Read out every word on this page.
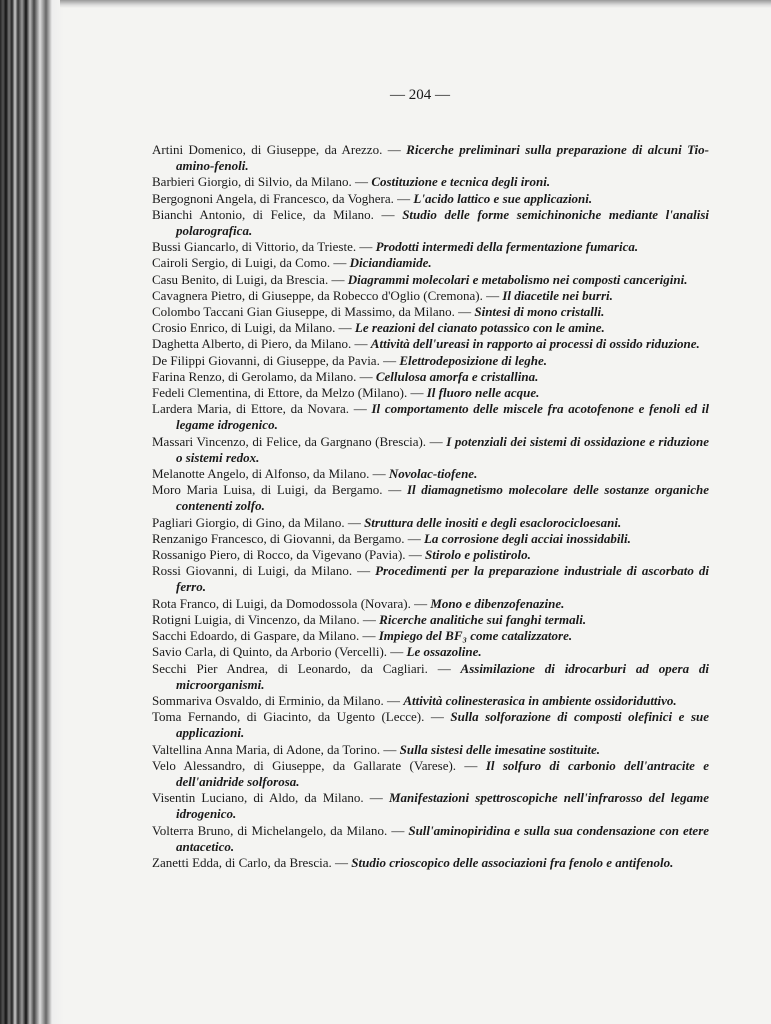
— 204 —

Artini Domenico, di Giuseppe, da Arezzo. — Ricerche preliminari sulla preparazione di alcuni Tio-amino-fenoli.

Barbieri Giorgio, di Silvio, da Milano. — Costituzione e tecnica degli ironi.

Bergognoni Angela, di Francesco, da Voghera. — L'acido lattico e sue applicazioni.

Bianchi Antonio, di Felice, da Milano. — Studio delle forme semichinoniche mediante l'analisi polarografica.

Bussi Giancarlo, di Vittorio, da Trieste. — Prodotti intermedi della fermentazione fumarica.

Cairoli Sergio, di Luigi, da Como. — Diciandiamide.

Casu Benito, di Luigi, da Brescia. — Diagrammi molecolari e metabolismo nei composti cancerigini.

Cavagnera Pietro, di Giuseppe, da Robecco d'Oglio (Cremona). — Il diacetile nei burri.

Colombo Taccani Gian Giuseppe, di Massimo, da Milano. — Sintesi di mono cristalli.

Crosio Enrico, di Luigi, da Milano. — Le reazioni del cianato potassico con le amine.

Daghetta Alberto, di Piero, da Milano. — Attività dell'ureasi in rapporto ai processi di ossido riduzione.

De Filippi Giovanni, di Giuseppe, da Pavia. — Elettrodeposizione di leghe.

Farina Renzo, di Gerolamo, da Milano. — Cellulosa amorfa e cristallina.

Fedeli Clementina, di Ettore, da Melzo (Milano). — Il fluoro nelle acque.

Lardera Maria, di Ettore, da Novara. — Il comportamento delle miscele fra acotofenone e fenoli ed il legame idrogenico.

Massari Vincenzo, di Felice, da Gargnano (Brescia). — I potenziali dei sistemi di ossidazione e riduzione o sistemi redox.

Melanotte Angelo, di Alfonso, da Milano. — Novolac-tiofene.

Moro Maria Luisa, di Luigi, da Bergamo. — Il diamagnetismo molecolare delle sostanze organiche contenenti zolfo.

Pagliari Giorgio, di Gino, da Milano. — Struttura delle inositi e degli esaclorocicloesani.

Renzanigo Francesco, di Giovanni, da Bergamo. — La corrosione degli acciai inossidabili.

Rossanigo Piero, di Rocco, da Vigevano (Pavia). — Stirolo e polistirolo.

Rossi Giovanni, di Luigi, da Milano. — Procedimenti per la preparazione industriale di ascorbato di ferro.

Rota Franco, di Luigi, da Domodossola (Novara). — Mono e dibenzofenazine.

Rotigni Luigia, di Vincenzo, da Milano. — Ricerche analitiche sui fanghi termali.

Sacchi Edoardo, di Gaspare, da Milano. — Impiego del BF₃ come catalizzatore.

Savio Carla, di Quinto, da Arborio (Vercelli). — Le ossazoline.

Secchi Pier Andrea, di Leonardo, da Cagliari. — Assimilazione di idrocarburi ad opera di microorganismi.

Sommariva Osvaldo, di Erminio, da Milano. — Attività colinesterasica in ambiente ossidoriduttivo.

Toma Fernando, di Giacinto, da Ugento (Lecce). — Sulla solforazione di composti olefinici e sue applicazioni.

Valtellina Anna Maria, di Adone, da Torino. — Sulla sistesi delle imesatine sostituite.

Velo Alessandro, di Giuseppe, da Gallarate (Varese). — Il solfuro di carbonio dell'antracite e dell'anidride solforosa.

Visentin Luciano, di Aldo, da Milano. — Manifestazioni spettroscopiche nell'infrarosso del legame idrogenico.

Volterra Bruno, di Michelangelo, da Milano. — Sull'aminopiridina e sulla sua condensazione con etere antacetico.

Zanetti Edda, di Carlo, da Brescia. — Studio crioscopico delle associazioni fra fenolo e antifenolo.
